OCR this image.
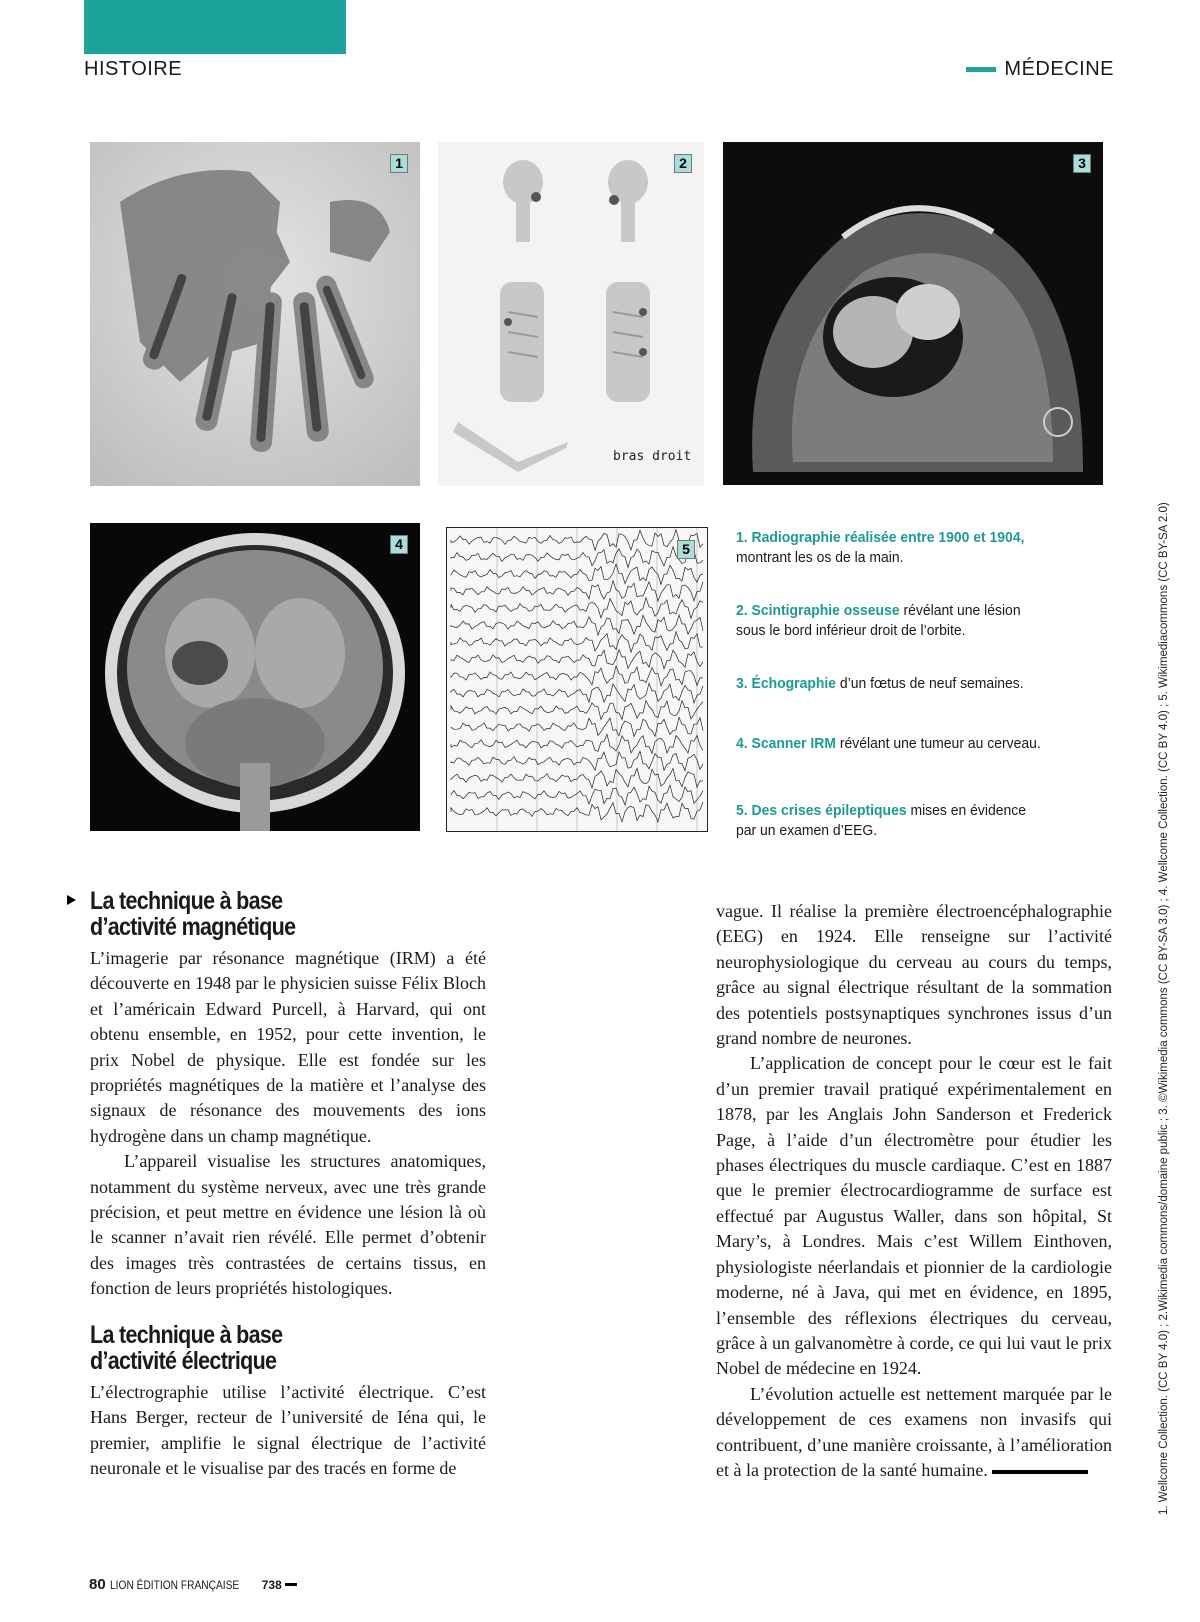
HISTOIRE	MÉDECINE
1
bras droit
2	3
4	5

1. Radiographie réalisée entre 1900 et 1904,
montrant les os de la main.

2. Scintigraphie osseuse révélant une lésion
sous le bord inférieur droit de l’orbite.

3. Échographie d’un fœtus de neuf semaines.

4. Scanner IRM révélant une tumeur au cerveau.

5. Des crises épileptiques mises en évidence
par un examen d’EEG.	1. Wellcome Collection. (CC BY 4.0) ; 2.Wikimedia commons/domaine public ; 3. ©Wikimedia commons (CC BY-SA 3.0) ; 4. Wellcome Collection. (CC BY 4.0) ; 5. Wikimediacommons (CC BY-SA 2.0)
La technique à base
d’activité magnétique

L’imagerie par résonance magnétique (IRM) a été découverte en 1948 par le physicien suisse Félix Bloch et l’américain Edward Purcell, à Harvard, qui ont obtenu ensemble, en 1952, pour cette invention, le prix Nobel de physique. Elle est fondée sur les propriétés magnétiques de la matière et l’analyse des signaux de résonance des mouvements des ions hydrogène dans un champ magnétique.

L’appareil visualise les structures anatomiques, notamment du système nerveux, avec une très grande précision, et peut mettre en évidence une lésion là où le scanner n’avait rien révélé. Elle permet d’obtenir des images très contrastées de certains tissus, en fonction de leurs propriétés histologiques.

La technique à base
d’activité électrique

L’électrographie utilise l’activité électrique. C’est Hans Berger, recteur de l’université de Iéna qui, le premier, amplifie le signal électrique de l’activité neuronale et le visualise par des tracés en forme de

vague. Il réalise la première électroencéphalographie (EEG) en 1924. Elle renseigne sur l’activité neurophysiologique du cerveau au cours du temps, grâce au signal électrique résultant de la sommation des potentiels postsynaptiques synchrones issus d’un grand nombre de neurones.

L’application de concept pour le cœur est le fait d’un premier travail pratiqué expérimentalement en 1878, par les Anglais John Sanderson et Frederick Page, à l’aide d’un électromètre pour étudier les phases électriques du muscle cardiaque. C’est en 1887 que le premier électrocardiogramme de surface est effectué par Augustus Waller, dans son hôpital, St Mary’s, à Londres. Mais c’est Willem Einthoven, physiologiste néerlandais et pionnier de la cardiologie moderne, né à Java, qui met en évidence, en 1895, l’ensemble des réflexions électriques du cerveau, grâce à un galvanomètre à corde, ce qui lui vaut le prix Nobel de médecine en 1924.

L’évolution actuelle est nettement marquée par le développement de ces examens non invasifs qui contribuent, d’une manière croissante, à l’amélioration et à la protection de la santé humaine.

80 LION ÉDITION FRANÇAISE 738
